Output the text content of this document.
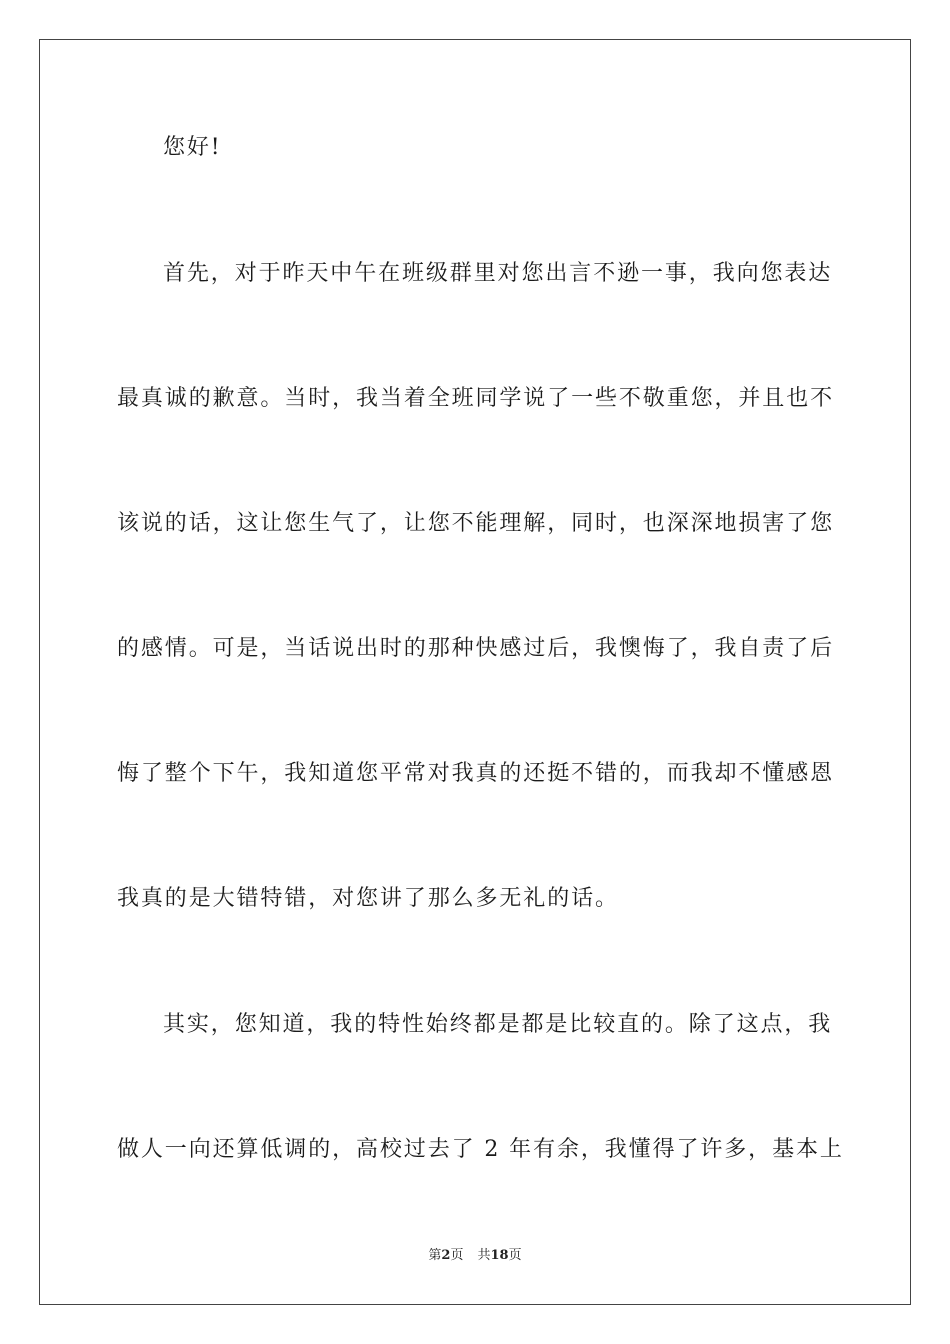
您好!
首先，对于昨天中午在班级群里对您出言不逊一事，我向您表达
最真诚的歉意。当时，我当着全班同学说了一些不敬重您，并且也不
该说的话，这让您生气了，让您不能理解，同时，也深深地损害了您
的感情。可是，当话说出时的那种快感过后，我懊悔了，我自责了后
悔了整个下午，我知道您平常对我真的还挺不错的，而我却不懂感恩
我真的是大错特错，对您讲了那么多无礼的话。
其实，您知道，我的特性始终都是都是比较直的。除了这点，我
做人一向还算低调的，高校过去了 2 年有余，我懂得了许多，基本上
第2页 共18页
